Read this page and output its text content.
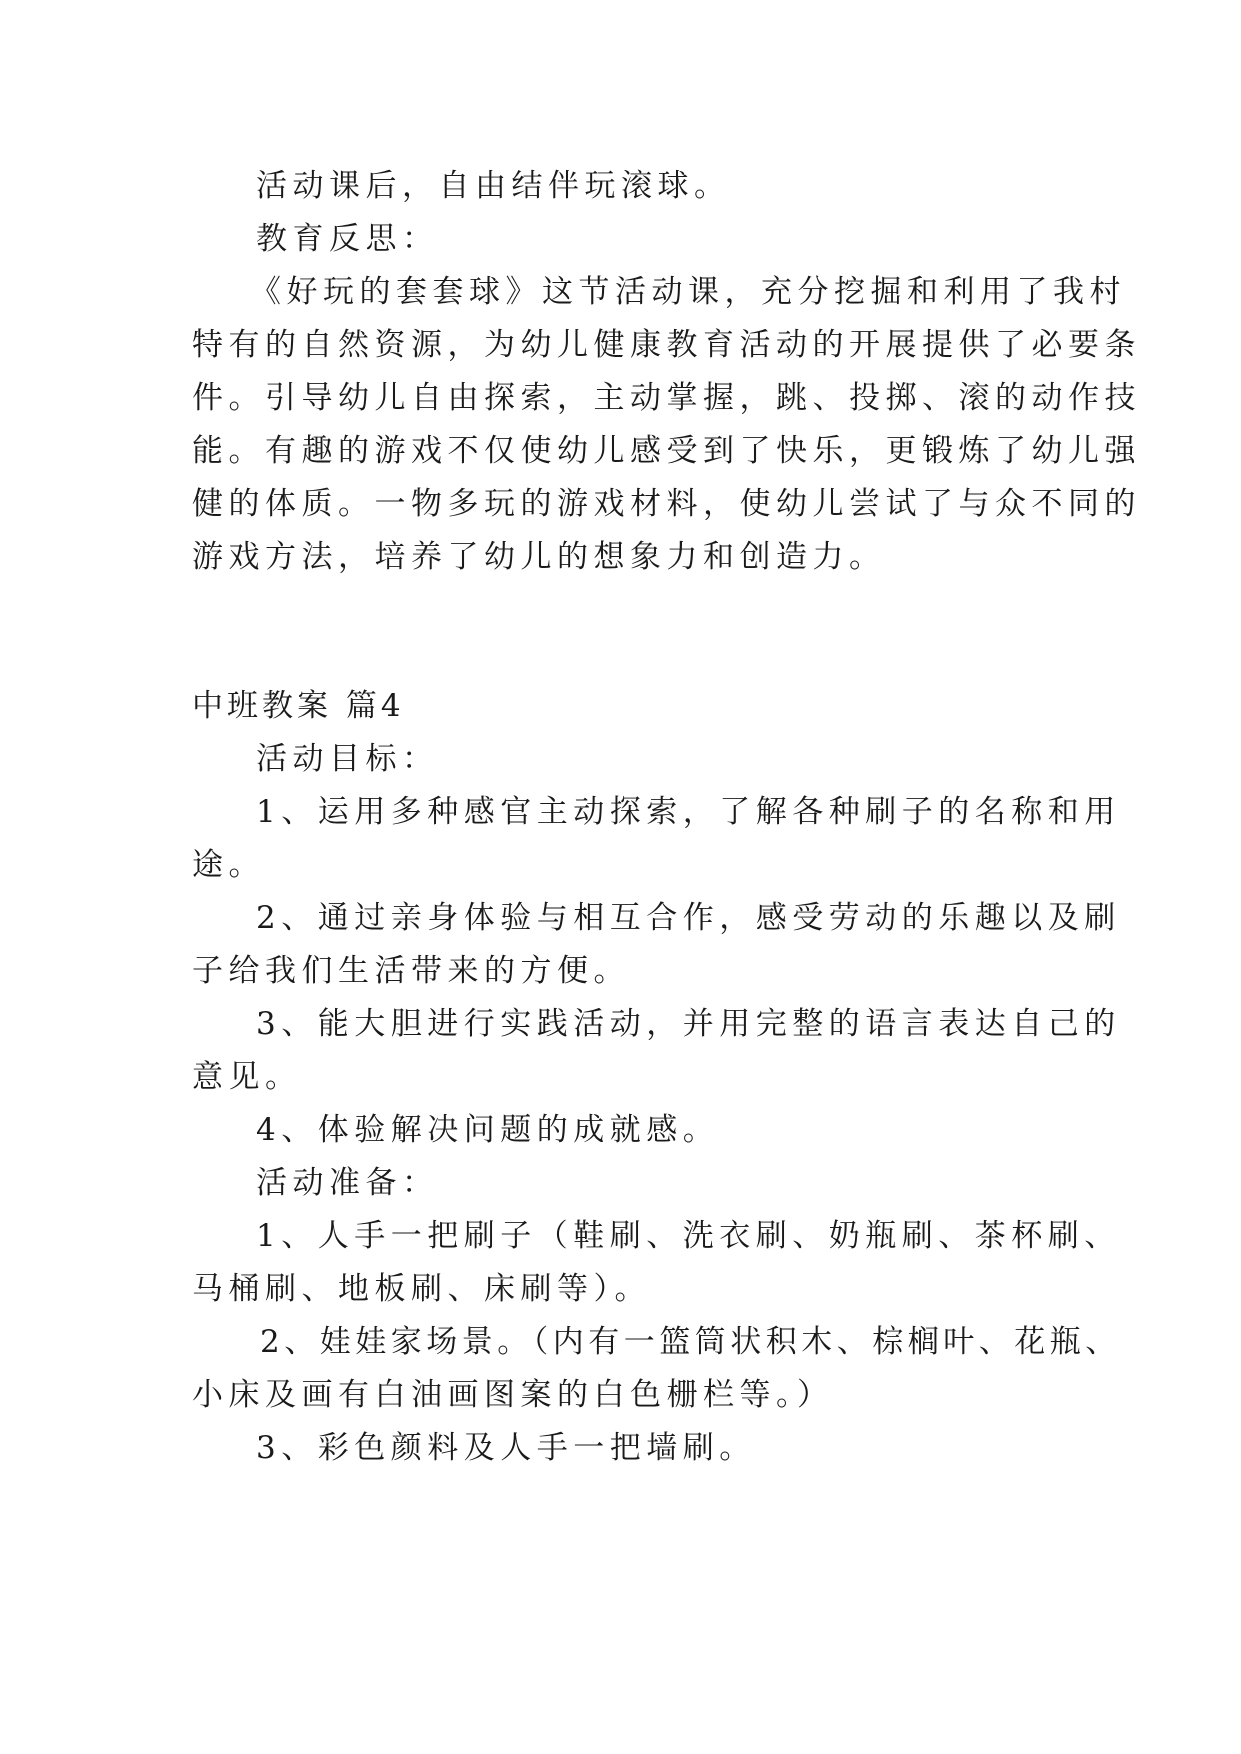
活动课后，自由结伴玩滚球。

教育反思：

《好玩的套套球》这节活动课，充分挖掘和利用了我村

特有的自然资源，为幼儿健康教育活动的开展提供了必要条

件。引导幼儿自由探索，主动掌握，跳、投掷、滚的动作技

能。有趣的游戏不仅使幼儿感受到了快乐，更锻炼了幼儿强

健的体质。一物多玩的游戏材料，使幼儿尝试了与众不同的

游戏方法，培养了幼儿的想象力和创造力。

中班教案 篇4

活动目标：

1、运用多种感官主动探索，了解各种刷子的名称和用

途。

2、通过亲身体验与相互合作，感受劳动的乐趣以及刷

子给我们生活带来的方便。

3、能大胆进行实践活动，并用完整的语言表达自己的

意见。

4、体验解决问题的成就感。

活动准备：

1、人手一把刷子（鞋刷、洗衣刷、奶瓶刷、茶杯刷、

马桶刷、地板刷、床刷等）。

2、娃娃家场景。（内有一篮筒状积木、棕榈叶、花瓶、

小床及画有白油画图案的白色栅栏等。）

3、彩色颜料及人手一把墙刷。
